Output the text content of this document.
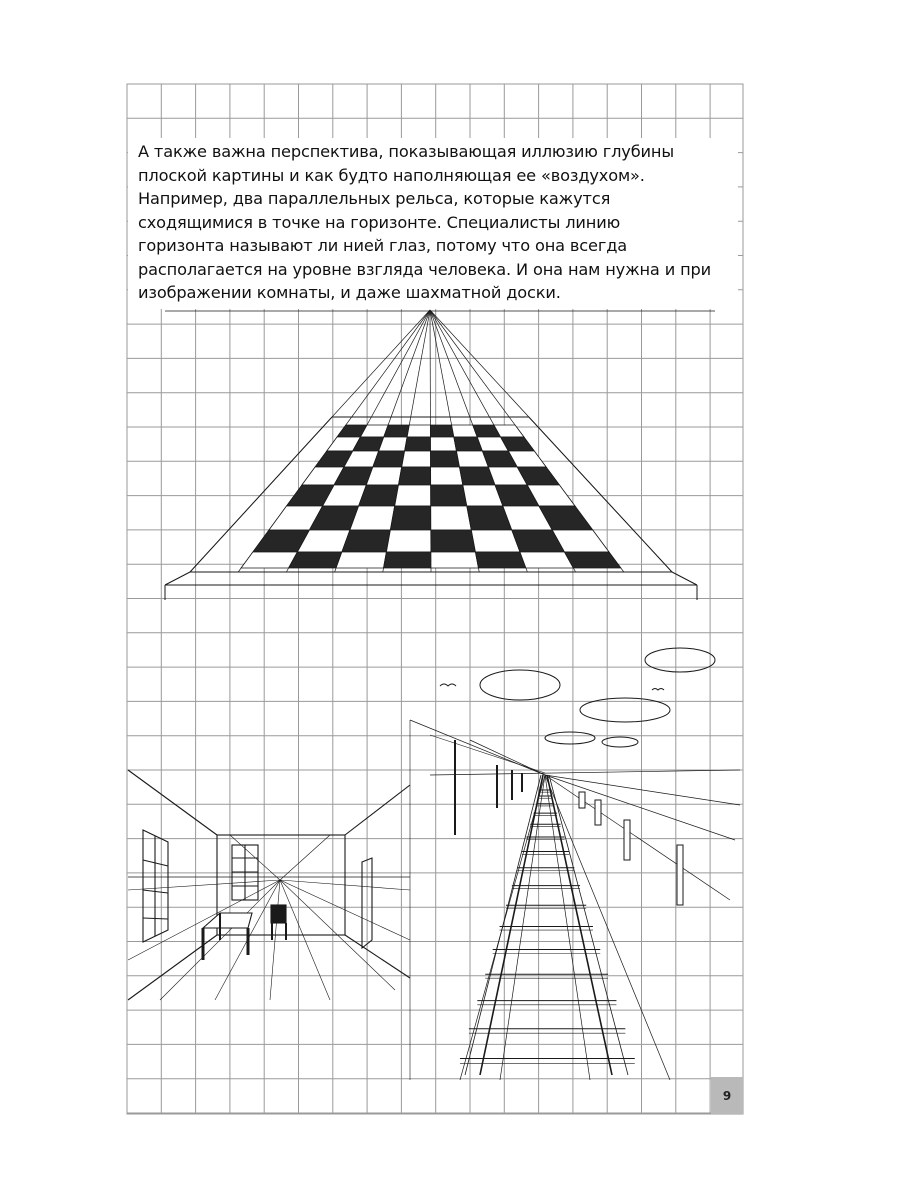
А также важна перспектива, показывающая иллюзию глубины
плоской картины и как будто наполняющая ее «воздухом».
Например, два параллельных рельса, которые кажутся
сходящимися в точке на горизонте. Специалисты линию
горизонта называют ли нией глаз, потому что она всегда
располагается на уровне взгляда человека. И она нам нужна и при
изображении комнаты, и даже шахматной доски.
9
